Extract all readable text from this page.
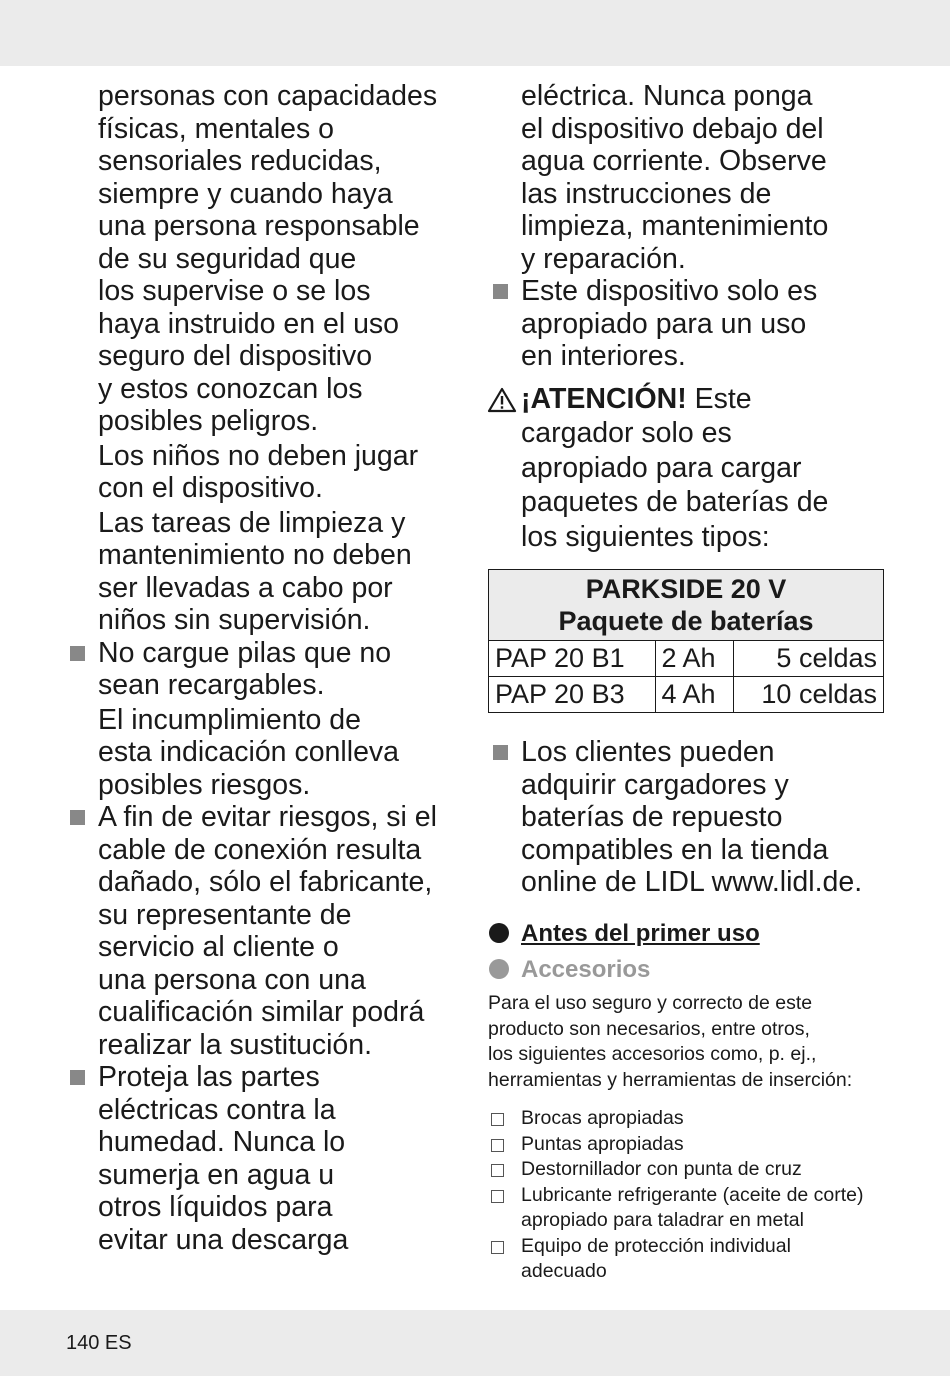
personas con capacidades

físicas, mentales o

sensoriales reducidas,

siempre y cuando haya

una persona responsable

de su seguridad que

los supervise o se los

haya instruido en el uso

seguro del dispositivo

y estos conozcan los

posibles peligros.

Los niños no deben jugar

con el dispositivo.

Las tareas de limpieza y

mantenimiento no deben

ser llevadas a cabo por

niños sin supervisión.

No cargue pilas que no

sean recargables.

El incumplimiento de

esta indicación conlleva

posibles riesgos.

A fin de evitar riesgos, si el

cable de conexión resulta

dañado, sólo el fabricante,

su representante de

servicio al cliente o

una persona con una

cualificación similar podrá

realizar la sustitución.

Proteja las partes

eléctricas contra la

humedad. Nunca lo

sumerja en agua u

otros líquidos para

evitar una descarga

eléctrica. Nunca ponga

el dispositivo debajo del

agua corriente. Observe

las instrucciones de

limpieza, mantenimiento

y reparación.

Este dispositivo solo es

apropiado para un uso

en interiores.

¡ATENCIÓN! Este
cargador solo es
apropiado para cargar
paquetes de baterías de
los siguientes tipos:
PARKSIDE 20 V
Paquete de baterías		

PAP 20 B1	2 Ah	5 celdas
PAP 20 B3	4 Ah	10 celdas

Los clientes pueden

adquirir cargadores y

baterías de repuesto

compatibles en la tienda

online de LIDL www.lidl.de.

Antes del primer uso
Accesorios

Para el uso seguro y correcto de este

producto son necesarios, entre otros,

los siguientes accesorios como, p. ej.,

herramientas y herramientas de inserción:

Brocas apropiadas
Puntas apropiadas
Destornillador con punta de cruz
Lubricante refrigerante (aceite de corte)
apropiado para taladrar en metal
Equipo de protección individual
adecuado
140 ES
